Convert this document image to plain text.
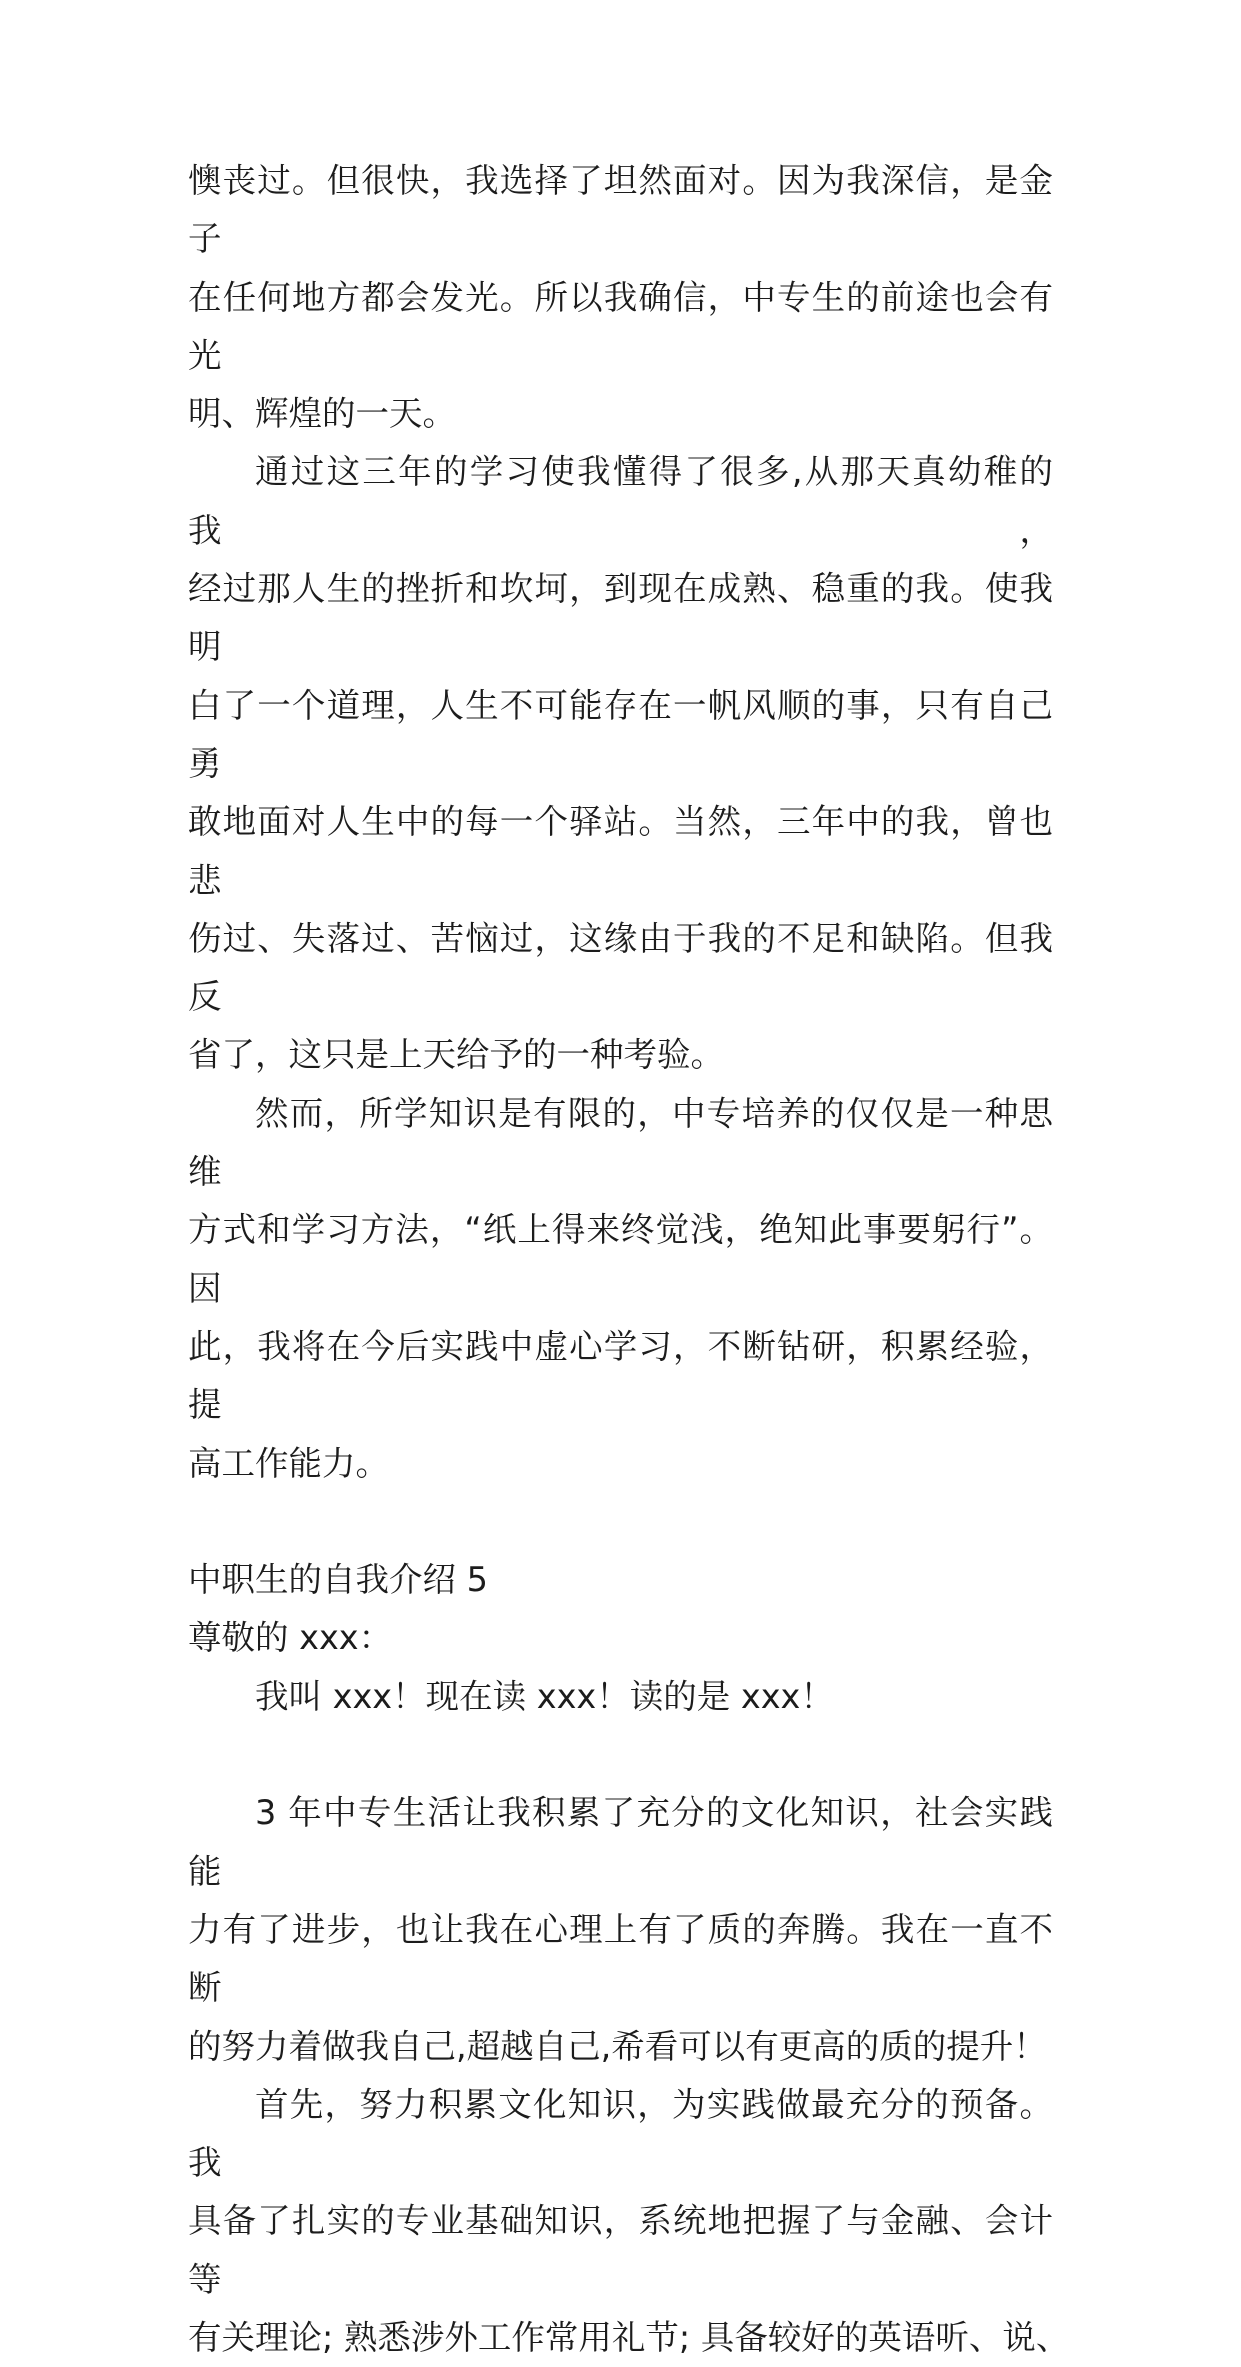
懊丧过。但很快，我选择了坦然面对。因为我深信，是金子
在任何地方都会发光。所以我确信，中专生的前途也会有光
明、辉煌的一天。
通过这三年的学习使我懂得了很多,从那天真幼稚的我，
经过那人生的挫折和坎坷，到现在成熟、稳重的我。使我明
白了一个道理，人生不可能存在一帆风顺的事，只有自己勇
敢地面对人生中的每一个驿站。当然，三年中的我，曾也悲
伤过、失落过、苦恼过，这缘由于我的不足和缺陷。但我反
省了，这只是上天给予的一种考验。
然而，所学知识是有限的，中专培养的仅仅是一种思维
方式和学习方法，“纸上得来终觉浅，绝知此事要躬行”。因
此，我将在今后实践中虚心学习，不断钻研，积累经验，提
高工作能力。
中职生的自我介绍 5
尊敬的 xxx：
我叫 xxx！现在读 xxx！读的是 xxx！
3 年中专生活让我积累了充分的文化知识，社会实践能
力有了进步，也让我在心理上有了质的奔腾。我在一直不断
的努力着做我自己,超越自己,希看可以有更高的质的提升！
首先，努力积累文化知识，为实践做最充分的预备。我
具备了扎实的专业基础知识，系统地把握了与金融、会计等
有关理论; 熟悉涉外工作常用礼节; 具备较好的英语听、说、
